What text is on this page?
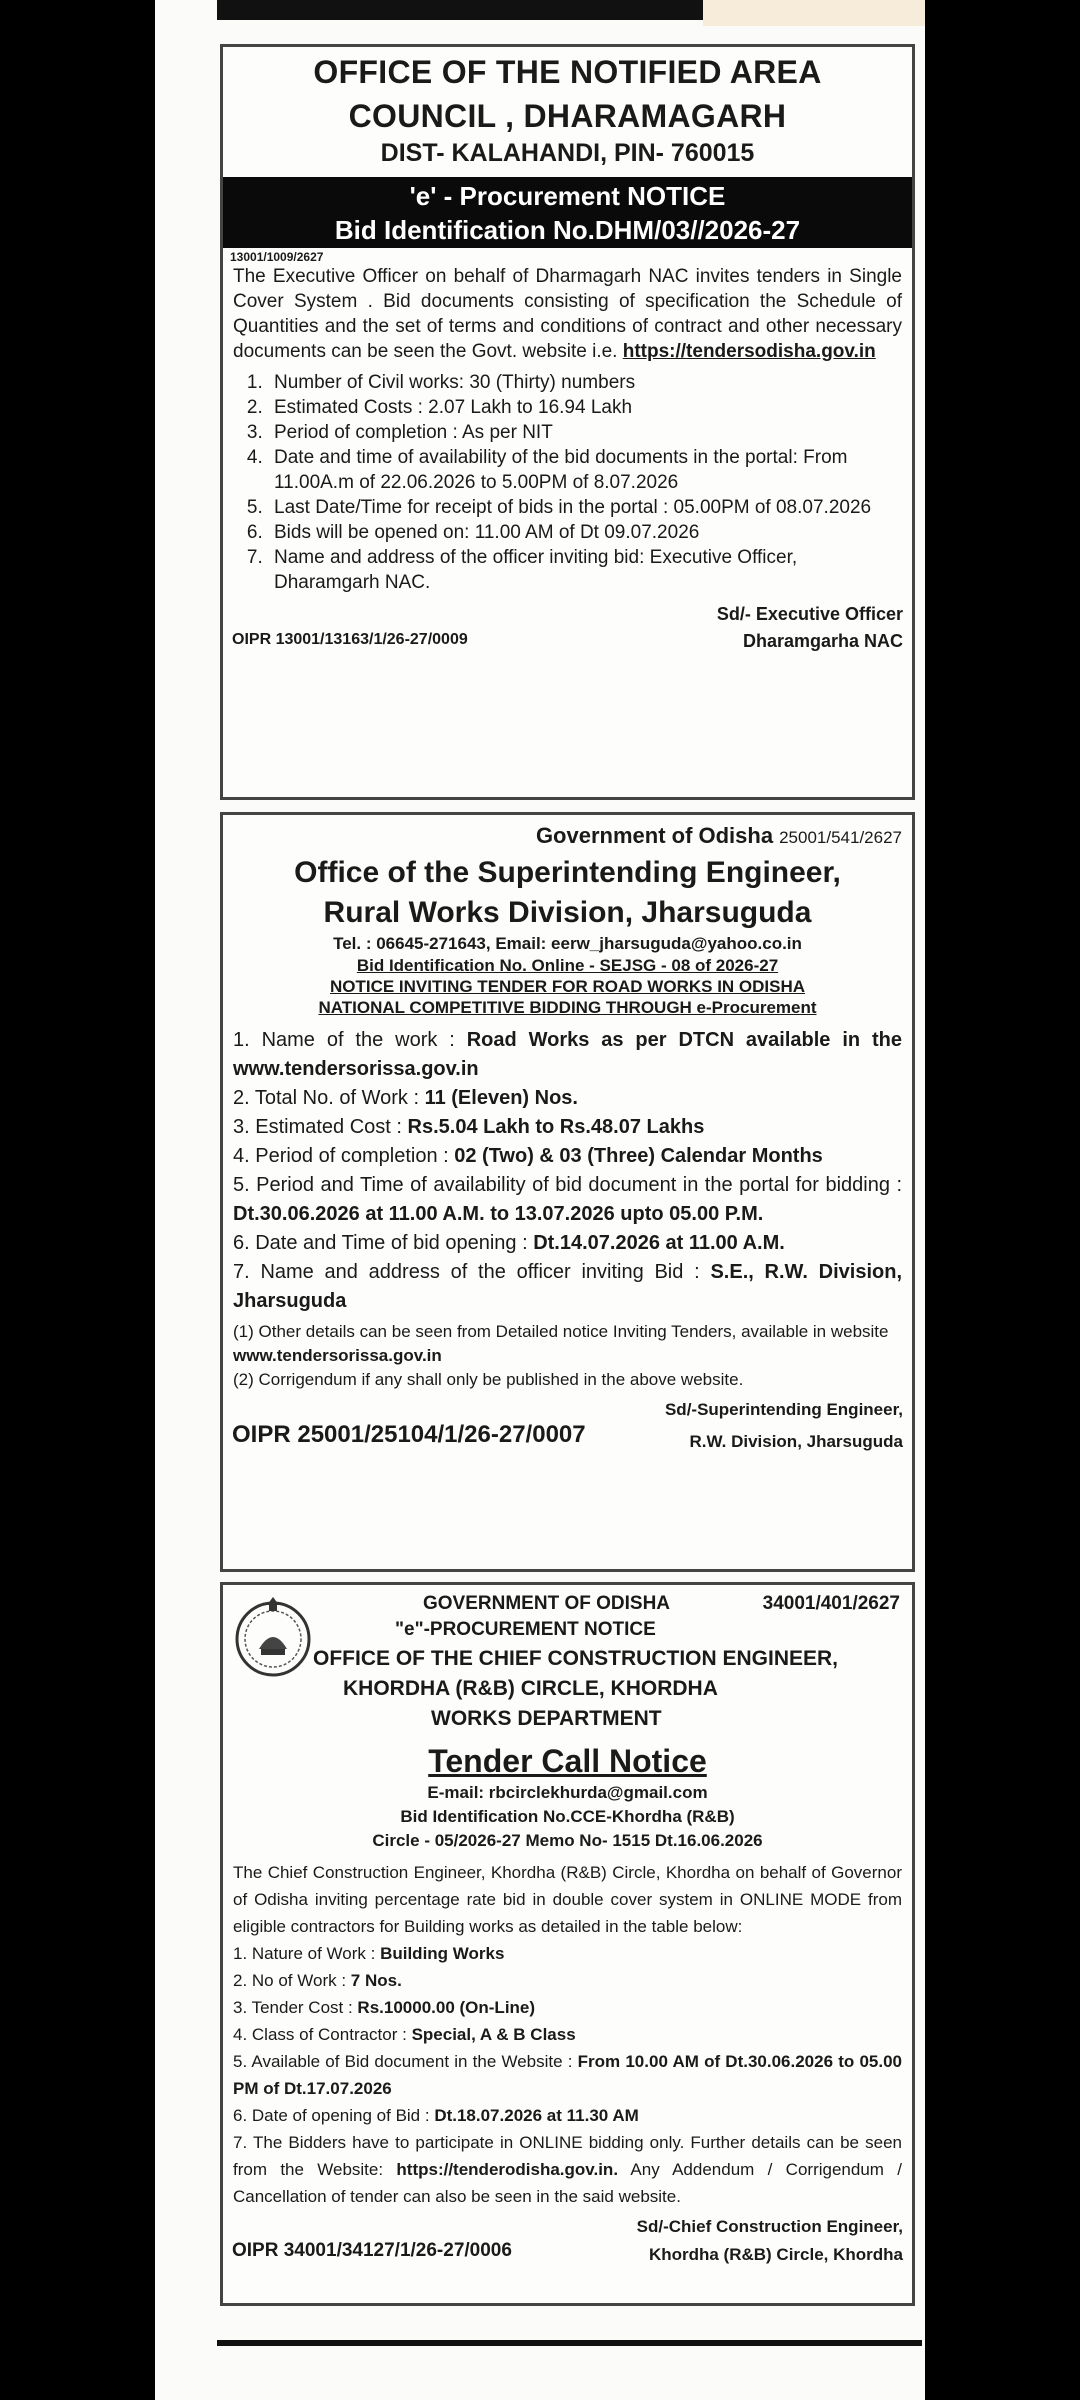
OFFICE OF THE NOTIFIED AREA

COUNCIL , DHARAMAGARH

DIST- KALAHANDI, PIN- 760015

'e' - Procurement NOTICE

Bid Identification No.DHM/03//2026-27

13001/1009/2627

The Executive Officer on behalf of Dharmagarh NAC invites tenders in Single Cover System . Bid documents consisting of specification the Schedule of Quantities and the set of terms and conditions of contract and other necessary documents can be seen the Govt. website i.e. https://tendersodisha.gov.in

1. Number of Civil works: 30 (Thirty) numbers
2. Estimated Costs : 2.07 Lakh to 16.94 Lakh
3. Period of completion : As per NIT
4. Date and time of availability of the bid documents in the portal: From 11.00A.m of 22.06.2026 to 5.00PM of 8.07.2026
5. Last Date/Time for receipt of bids in the portal : 05.00PM of 08.07.2026
6. Bids will be opened on: 11.00 AM of Dt 09.07.2026
7. Name and address of the officer inviting bid: Executive Officer, Dharamgarh NAC.

Sd/- Executive Officer

OIPR 13001/13163/1/26-27/0009	Dharamgarha NAC

Government of Odisha 25001/541/2627

Office of the Superintending Engineer,

Rural Works Division, Jharsuguda

Tel. : 06645-271643, Email: eerw_jharsuguda@yahoo.co.in

Bid Identification No. Online - SEJSG - 08 of 2026-27

NOTICE INVITING TENDER FOR ROAD WORKS IN ODISHA

NATIONAL COMPETITIVE BIDDING THROUGH e-Procurement

1. Name of the work : Road Works as per DTCN available in the www.tendersorissa.gov.in

2. Total No. of Work : 11 (Eleven) Nos.

3. Estimated Cost : Rs.5.04 Lakh to Rs.48.07 Lakhs

4. Period of completion : 02 (Two) & 03 (Three) Calendar Months

5. Period and Time of availability of bid document in the portal for bidding : Dt.30.06.2026 at 11.00 A.M. to 13.07.2026 upto 05.00 P.M.

6. Date and Time of bid opening : Dt.14.07.2026 at 11.00 A.M.

7. Name and address of the officer inviting Bid : S.E., R.W. Division, Jharsuguda

(1) Other details can be seen from Detailed notice Inviting Tenders, available in website www.tendersorissa.gov.in

(2) Corrigendum if any shall only be published in the above website.

Sd/-Superintending Engineer,

OIPR 25001/25104/1/26-27/0007	R.W. Division, Jharsuguda

GOVERNMENT OF ODISHA	34001/401/2627

"e"-PROCUREMENT NOTICE

OFFICE OF THE CHIEF CONSTRUCTION ENGINEER,

KHORDHA (R&B) CIRCLE, KHORDHA

WORKS DEPARTMENT

Tender Call Notice

E-mail: rbcirclekhurda@gmail.com

Bid Identification No.CCE-Khordha (R&B)

Circle - 05/2026-27 Memo No- 1515 Dt.16.06.2026

The Chief Construction Engineer, Khordha (R&B) Circle, Khordha on behalf of Governor of Odisha inviting percentage rate bid in double cover system in ONLINE MODE from eligible contractors for Building works as detailed in the table below:

1. Nature of Work : Building Works

2. No of Work : 7 Nos.

3. Tender Cost : Rs.10000.00 (On-Line)

4. Class of Contractor : Special, A & B Class

5. Available of Bid document in the Website : From 10.00 AM of Dt.30.06.2026 to 05.00 PM of Dt.17.07.2026

6. Date of opening of Bid : Dt.18.07.2026 at 11.30 AM

7. The Bidders have to participate in ONLINE bidding only. Further details can be seen from the Website: https://tenderodisha.gov.in. Any Addendum / Corrigendum / Cancellation of tender can also be seen in the said website.

Sd/-Chief Construction Engineer,

OIPR 34001/34127/1/26-27/0006	Khordha (R&B) Circle, Khordha
